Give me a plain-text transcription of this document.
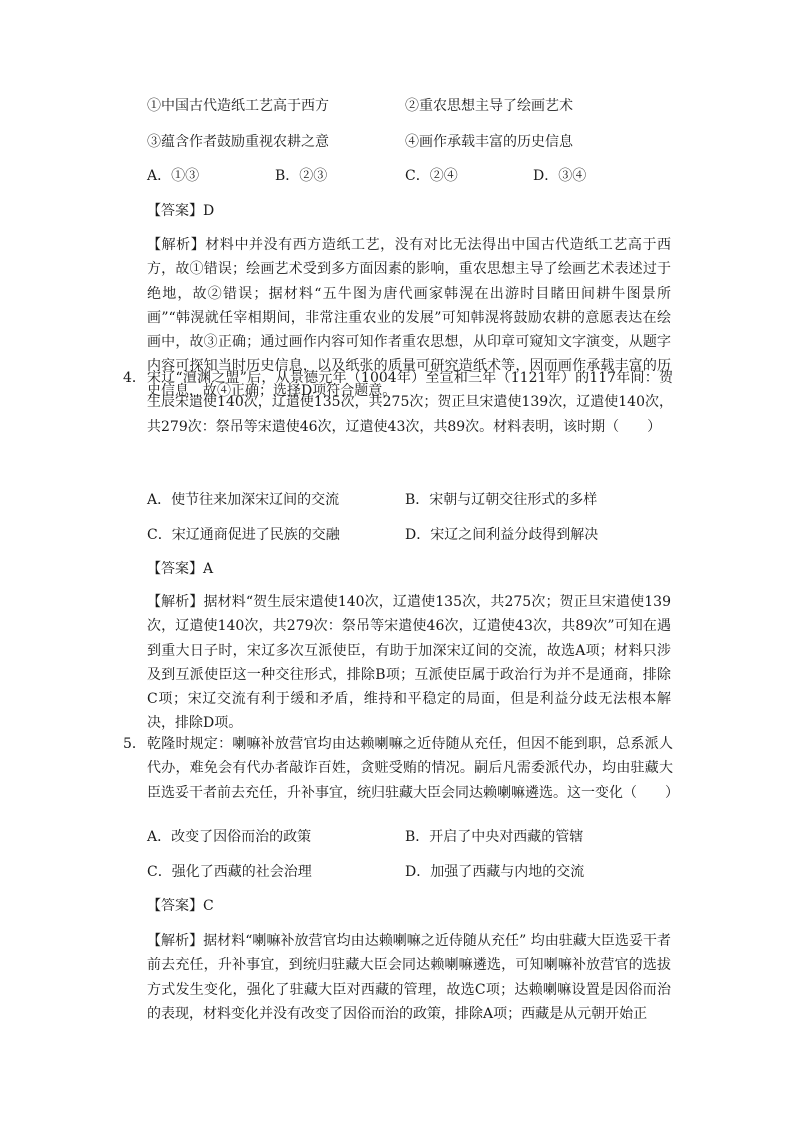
①中国古代造纸工艺高于西方	②重农思想主导了绘画艺术
③蕴含作者鼓励重视农耕之意	④画作承载丰富的历史信息
A．①③	B．②③	C．②④	D．③④
【答案】D
【解析】材料中并没有西方造纸工艺，没有对比无法得出中国古代造纸工艺高于西方，故①错误；绘画艺术受到多方面因素的影响，重农思想主导了绘画艺术表述过于绝地，故②错误；据材料“五牛图为唐代画家韩滉在出游时目睹田间耕牛图景所画”“韩滉就任宰相期间，非常注重农业的发展”可知韩滉将鼓励农耕的意愿表达在绘画中，故③正确；通过画作内容可知作者重农思想，从印章可窥知文字演变，从题字内容可探知当时历史信息，以及纸张的质量可研究造纸术等，因而画作承载丰富的历史信息，故④正确；选择D项符合题意。
4． 宋辽“澶渊之盟”后，从景德元年（1004年）至宣和三年（1121年）的117年间：贺生辰宋遣使140次，辽遣使135次，共275次；贺正旦宋遣使139次，辽遣使140次，共279次：祭吊等宋遣使46次，辽遣使43次，共89次。材料表明，该时期（　　）
A．使节往来加深宋辽间的交流	B．宋朝与辽朝交往形式的多样
C．宋辽通商促进了民族的交融	D．宋辽之间利益分歧得到解决
【答案】A
【解析】据材料“贺生辰宋遣使140次，辽遣使135次，共275次；贺正旦宋遣使139次，辽遣使140次，共279次：祭吊等宋遣使46次，辽遣使43次，共89次”可知在遇到重大日子时，宋辽多次互派使臣，有助于加深宋辽间的交流，故选A项；材料只涉及到互派使臣这一种交往形式，排除B项；互派使臣属于政治行为并不是通商，排除C项；宋辽交流有利于缓和矛盾，维持和平稳定的局面，但是利益分歧无法根本解决，排除D项。
5． 乾隆时规定：喇嘛补放营官均由达赖喇嘛之近侍随从充任，但因不能到职，总系派人代办，难免会有代办者敲诈百姓，贪赃受贿的情况。嗣后凡需委派代办，均由驻藏大臣选妥干者前去充任，升补事宜，统归驻藏大臣会同达赖喇嘛遴选。这一变化（　　）
A．改变了因俗而治的政策	B．开启了中央对西藏的管辖
C．强化了西藏的社会治理	D．加强了西藏与内地的交流
【答案】C
【解析】据材料“喇嘛补放营官均由达赖喇嘛之近侍随从充任” 均由驻藏大臣选妥干者前去充任，升补事宜，到统归驻藏大臣会同达赖喇嘛遴选，可知喇嘛补放营官的选拔方式发生变化，强化了驻藏大臣对西藏的管理，故选C项；达赖喇嘛设置是因俗而治的表现，材料变化并没有改变了因俗而治的政策，排除A项；西藏是从元朝开始正
